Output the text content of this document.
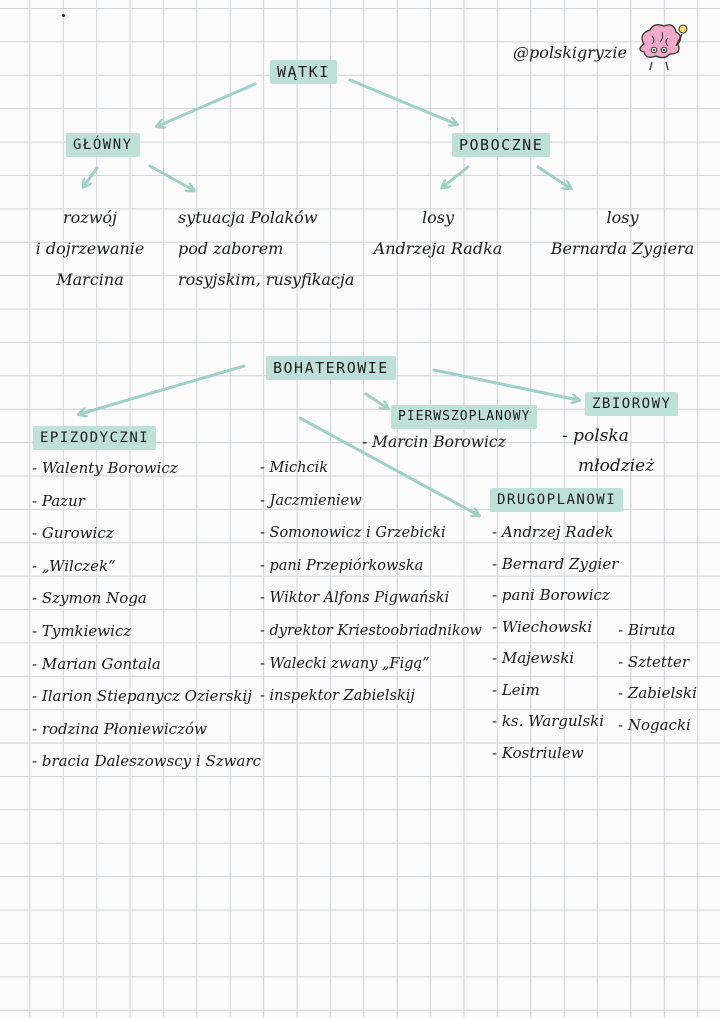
@polskigryzie
WĄTKI
GŁÓWNY	POBOCZNE
rozwój
i dojrzewanie
Marcina
sytuacja Polaków
pod zaborem
rosyjskim, rusyfikacja
losy
Andrzeja Radka
losy
Bernarda Zygiera
BOHATEROWIE
EPIZODYCZNI
PIERWSZOPLANOWY
ZBIOROWY
DRUGOPLANOWI
- Marcin Borowicz	- polska
młodzież
- Walenty Borowicz
- Pazur
- Gurowicz
- „Wilczek”
- Szymon Noga
- Tymkiewicz
- Marian Gontala
- Ilarion Stiepanycz Ozierskij
- rodzina Płoniewiczów
- bracia Daleszowscy i Szwarc
- Michcik
- Jaczmieniew
- Somonowicz i Grzebicki
- pani Przepiórkowska
- Wiktor Alfons Pigwański
- dyrektor Kriestoobriadnikow
- Walecki zwany „Figą”
- inspektor Zabielskij
- Andrzej Radek
- Bernard Zygier
- pani Borowicz
- Wiechowski
- Majewski
- Leim
- ks. Wargulski
- Kostriulew
- Biruta
- Sztetter
- Zabielski
- Nogacki
